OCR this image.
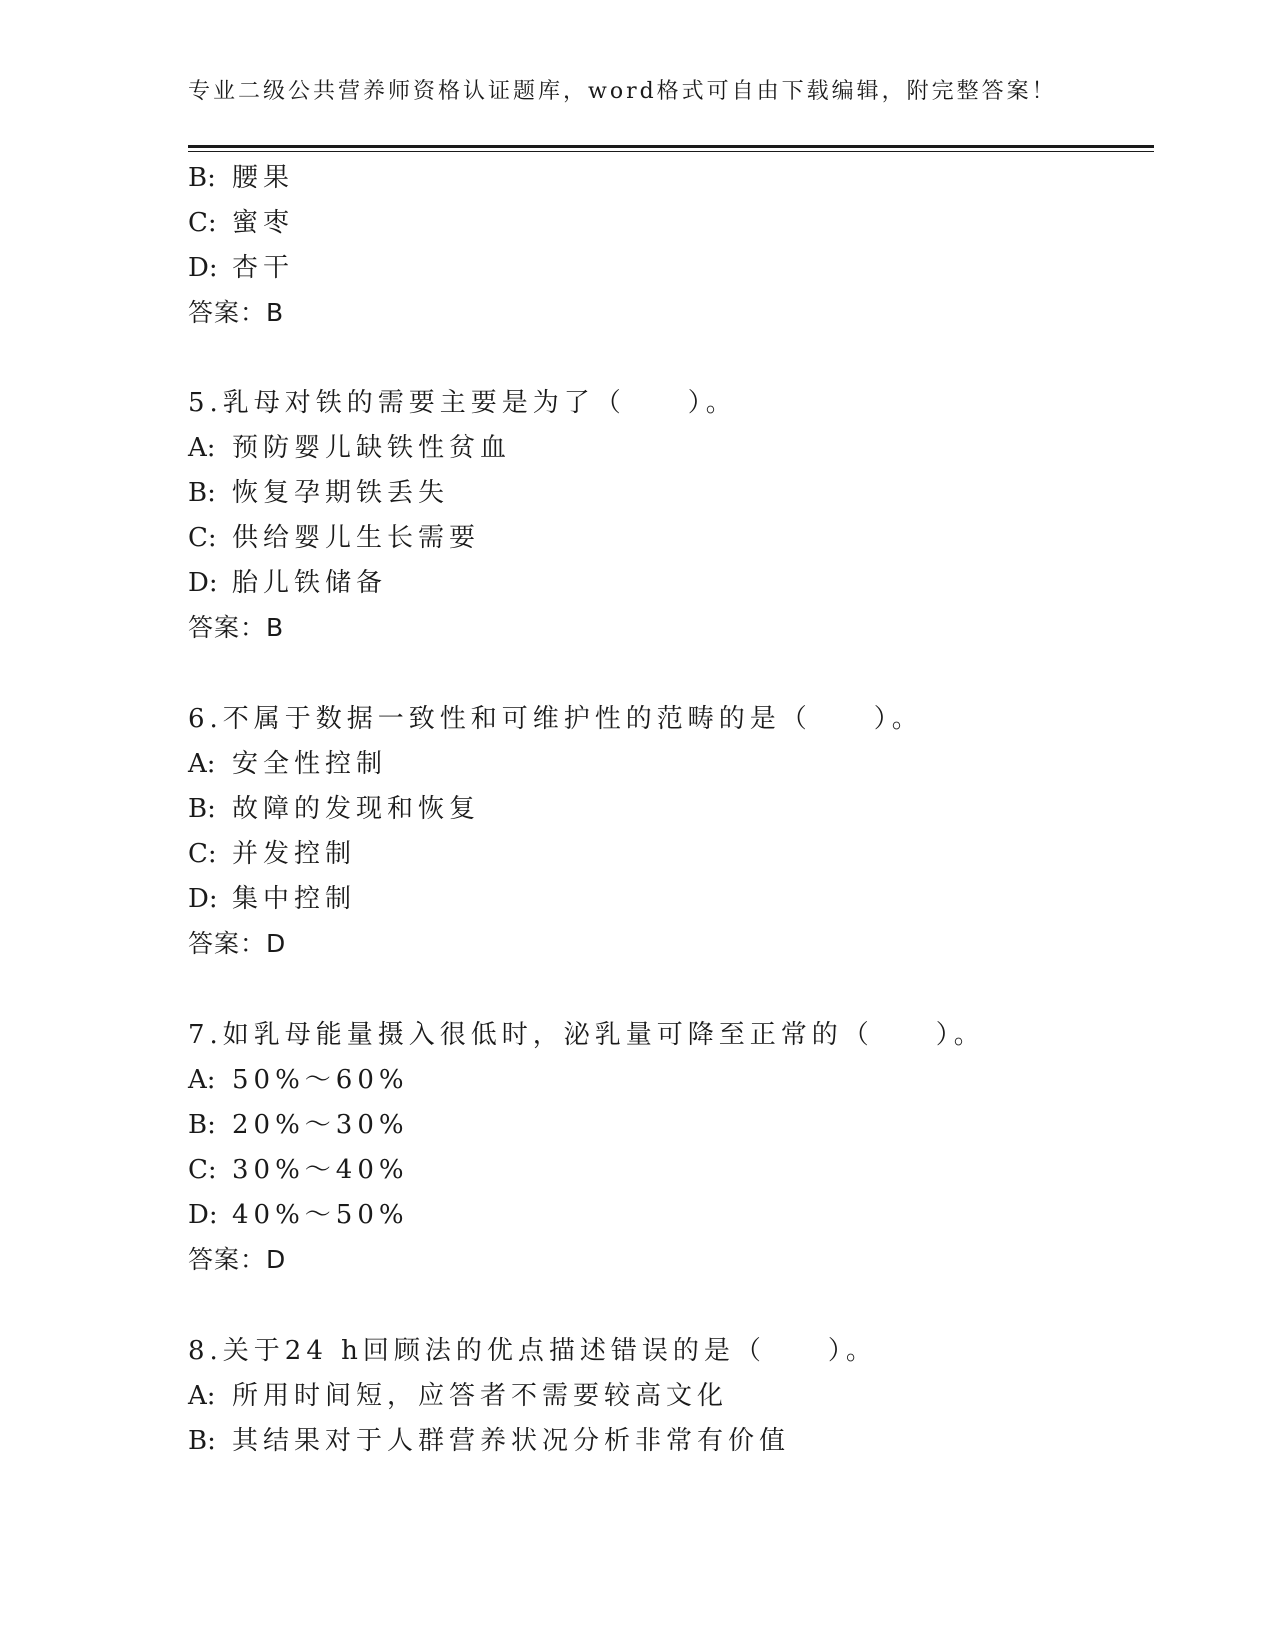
专业二级公共营养师资格认证题库，word格式可自由下载编辑，附完整答案！
B: 腰果
C: 蜜枣
D: 杏干
答案：B
5.乳母对铁的需要主要是为了（　　）。
A: 预防婴儿缺铁性贫血
B: 恢复孕期铁丢失
C: 供给婴儿生长需要
D: 胎儿铁储备
答案：B
6.不属于数据一致性和可维护性的范畴的是（　　）。
A: 安全性控制
B: 故障的发现和恢复
C: 并发控制
D: 集中控制
答案：D
7.如乳母能量摄入很低时，泌乳量可降至正常的（　　）。
A: 50%～60%
B: 20%～30%
C: 30%～40%
D: 40%～50%
答案：D
8.关于24 h回顾法的优点描述错误的是（　　）。
A: 所用时间短，应答者不需要较高文化
B: 其结果对于人群营养状况分析非常有价值
